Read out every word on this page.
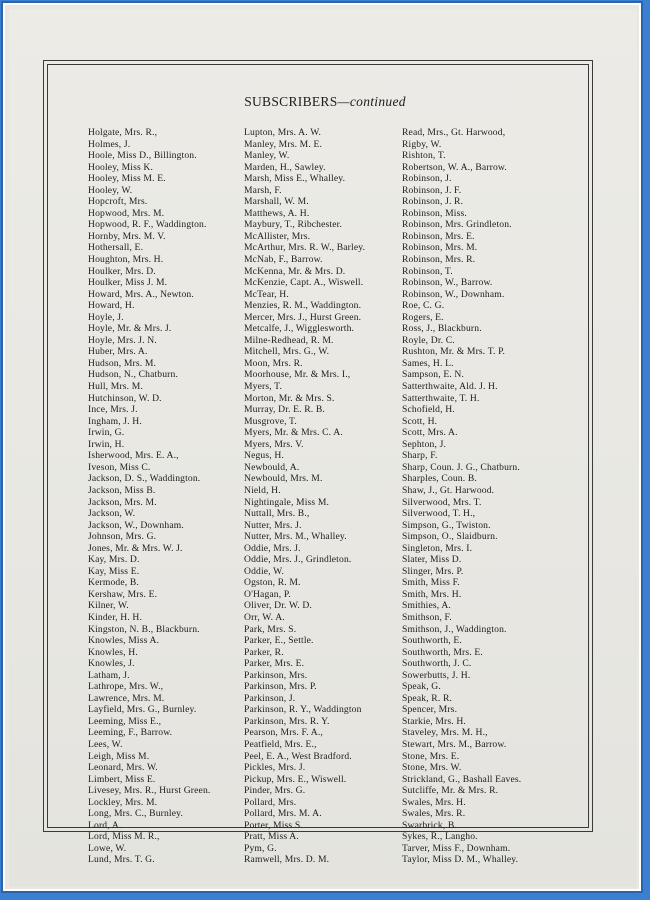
SUBSCRIBERS—continued
Holgate, Mrs. R.,
Holmes, J.
Hoole, Miss D., Billington.
Hooley, Miss K.
Hooley, Miss M. E.
Hooley, W.
Hopcroft, Mrs.
Hopwood, Mrs. M.
Hopwood, R. F., Waddington.
Hornby, Mrs. M. V.
Hothersall, E.
Houghton, Mrs. H.
Houlker, Mrs. D.
Houlker, Miss J. M.
Howard, Mrs. A., Newton.
Howard, H.
Hoyle, J.
Hoyle, Mr. & Mrs. J.
Hoyle, Mrs. J. N.
Huber, Mrs. A.
Hudson, Mrs. M.
Hudson, N., Chatburn.
Hull, Mrs. M.
Hutchinson, W. D.
Ince, Mrs. J.
Ingham, J. H.
Irwin, G.
Irwin, H.
Isherwood, Mrs. E. A.,
Iveson, Miss C.
Jackson, D. S., Waddington.
Jackson, Miss B.
Jackson, Mrs. M.
Jackson, W.
Jackson, W., Downham.
Johnson, Mrs. G.
Jones, Mr. & Mrs. W. J.
Kay, Mrs. D.
Kay, Miss E.
Kermode, B.
Kershaw, Mrs. E.
Kilner, W.
Kinder, H. H.
Kingston, N. B., Blackburn.
Knowles, Miss A.
Knowles, H.
Knowles, J.
Latham, J.
Lathrope, Mrs. W.,
Lawrence, Mrs. M.
Layfield, Mrs. G., Burnley.
Leeming, Miss E.,
Leeming, F., Barrow.
Lees, W.
Leigh, Miss M.
Leonard, Mrs. W.
Limbert, Miss E.
Livesey, Mrs. R., Hurst Green.
Lockley, Mrs. M.
Long, Mrs. C., Burnley.
Lord, A.
Lord, Miss M. R.,
Lowe, W.
Lund, Mrs. T. G.
Lupton, Mrs. A. W.
Manley, Mrs. M. E.
Manley, W.
Marden, H., Sawley.
Marsh, Miss E., Whalley.
Marsh, F.
Marshall, W. M.
Matthews, A. H.
Maybury, T., Ribchester.
McAllister, Mrs.
McArthur, Mrs. R. W., Barley.
McNab, F., Barrow.
McKenna, Mr. & Mrs. D.
McKenzie, Capt. A., Wiswell.
McTear, H.
Menzies, R. M., Waddington.
Mercer, Mrs. J., Hurst Green.
Metcalfe, J., Wigglesworth.
Milne-Redhead, R. M.
Mitchell, Mrs. G., W.
Moon, Mrs. R.
Moorhouse, Mr. & Mrs. I.,
Myers, T.
Morton, Mr. & Mrs. S.
Murray, Dr. E. R. B.
Musgrove, T.
Myers, Mr. & Mrs. C. A.
Myers, Mrs. V.
Negus, H.
Newbould, A.
Newbould, Mrs. M.
Nield, H.
Nightingale, Miss M.
Nuttall, Mrs. B.,
Nutter, Mrs. J.
Nutter, Mrs. M., Whalley.
Oddie, Mrs. J.
Oddie, Mrs. J., Grindleton.
Oddie, W.
Ogston, R. M.
O'Hagan, P.
Oliver, Dr. W. D.
Orr, W. A.
Park, Mrs. S.
Parker, E., Settle.
Parker, R.
Parker, Mrs. E.
Parkinson, Mrs.
Parkinson, Mrs. P.
Parkinson, J.
Parkinson, R. Y., Waddington
Parkinson, Mrs. R. Y.
Pearson, Mrs. F. A.,
Peatfield, Mrs. E.,
Peel, E. A., West Bradford.
Pickles, Mrs. J.
Pickup, Mrs. E., Wiswell.
Pinder, Mrs. G.
Pollard, Mrs.
Pollard, Mrs. M. A.
Porter, Miss S.
Pratt, Miss A.
Pym, G.
Ramwell, Mrs. D. M.
Read, Mrs., Gt. Harwood,
Rigby, W.
Rishton, T.
Robertson, W. A., Barrow.
Robinson, J.
Robinson, J. F.
Robinson, J. R.
Robinson, Miss.
Robinson, Mrs. Grindleton.
Robinson, Mrs. E.
Robinson, Mrs. M.
Robinson, Mrs. R.
Robinson, T.
Robinson, W., Barrow.
Robinson, W., Downham.
Roe, C. G.
Rogers, E.
Ross, J., Blackburn.
Royle, Dr. C.
Rushton, Mr. & Mrs. T. P.
Sames, H. L.
Sampson, E. N.
Satterthwaite, Ald. J. H.
Satterthwaite, T. H.
Schofield, H.
Scott, H.
Scott, Mrs. A.
Sephton, J.
Sharp, F.
Sharp, Coun. J. G., Chatburn.
Sharples, Coun. B.
Shaw, J., Gt. Harwood.
Silverwood, Mrs. T.
Silverwood, T. H.,
Simpson, G., Twiston.
Simpson, O., Slaidburn.
Singleton, Mrs. I.
Slater, Miss D.
Slinger, Mrs. P.
Smith, Miss F.
Smith, Mrs. H.
Smithies, A.
Smithson, F.
Smithson, J., Waddington.
Southworth, E.
Southworth, Mrs. E.
Southworth, J. C.
Sowerbutts, J. H.
Speak, G.
Speak, R. R.
Spencer, Mrs.
Starkie, Mrs. H.
Staveley, Mrs. M. H.,
Stewart, Mrs. M., Barrow.
Stone, Mrs. E.
Stone, Mrs. W.
Strickland, G., Bashall Eaves.
Sutcliffe, Mr. & Mrs. R.
Swales, Mrs. H.
Swales, Mrs. R.
Swarbrick, B.
Sykes, R., Langho.
Tarver, Miss F., Downham.
Taylor, Miss D. M., Whalley.
